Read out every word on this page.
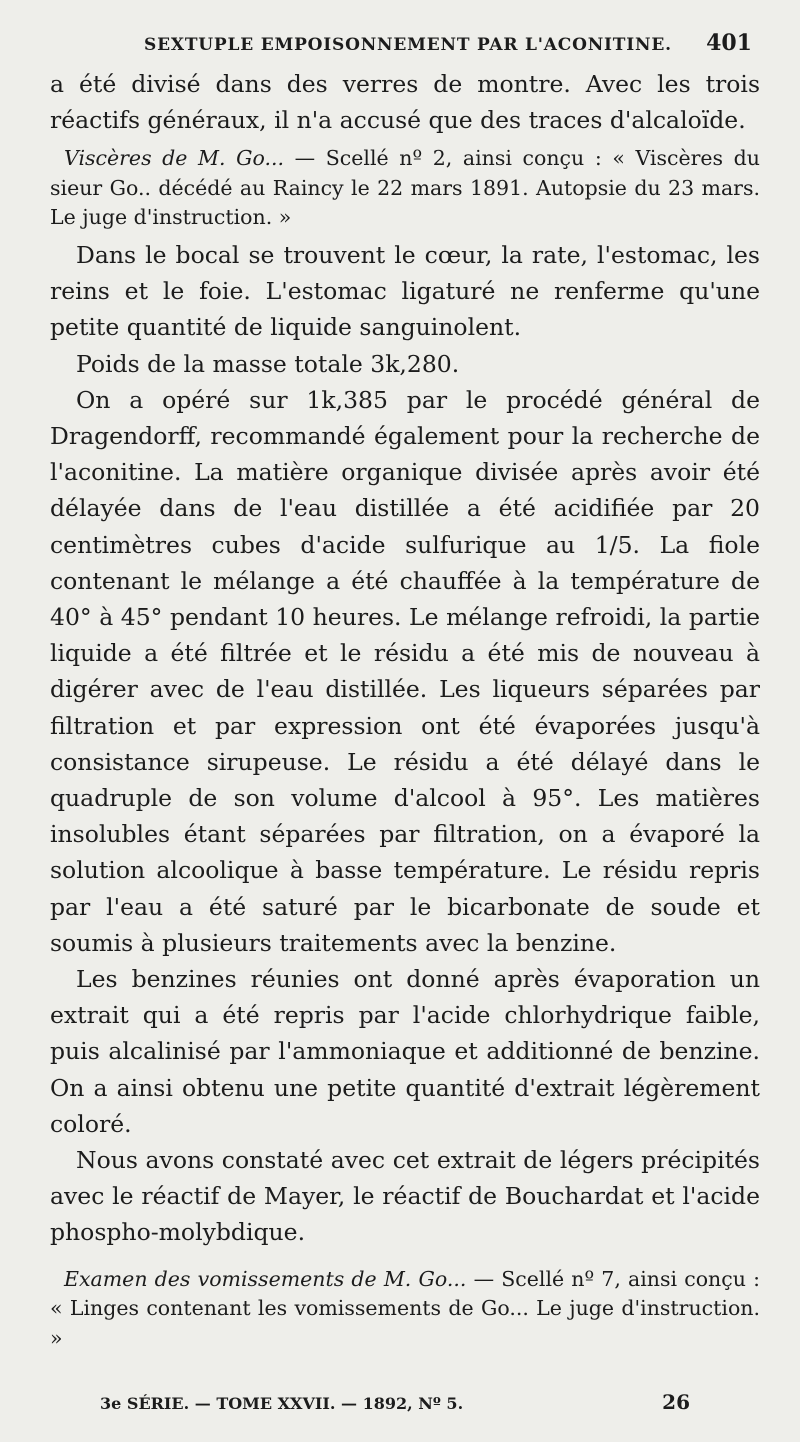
SEXTUPLE EMPOISONNEMENT PAR L'ACONITINE. 401

a été divisé dans des verres de montre. Avec les trois réactifs généraux, il n'a accusé que des traces d'alcaloïde.

Viscères de M. Go... — Scellé nº 2, ainsi conçu : « Viscères du sieur Go.. décédé au Raincy le 22 mars 1891. Autopsie du 23 mars. Le juge d'instruction. »

Dans le bocal se trouvent le cœur, la rate, l'estomac, les reins et le foie. L'estomac ligaturé ne renferme qu'une petite quantité de liquide sanguinolent.

Poids de la masse totale 3k,280.

On a opéré sur 1k,385 par le procédé général de Dragendorff, recommandé également pour la recherche de l'aconitine. La matière organique divisée après avoir été délayée dans de l'eau distillée a été acidifiée par 20 centimètres cubes d'acide sulfurique au 1/5. La fiole contenant le mélange a été chauffée à la température de 40° à 45° pendant 10 heures. Le mélange refroidi, la partie liquide a été filtrée et le résidu a été mis de nouveau à digérer avec de l'eau distillée. Les liqueurs séparées par filtration et par expression ont été évaporées jusqu'à consistance sirupeuse. Le résidu a été délayé dans le quadruple de son volume d'alcool à 95°. Les matières insolubles étant séparées par filtration, on a évaporé la solution alcoolique à basse température. Le résidu repris par l'eau a été saturé par le bicarbonate de soude et soumis à plusieurs traitements avec la benzine.

Les benzines réunies ont donné après évaporation un extrait qui a été repris par l'acide chlorhydrique faible, puis alcalinisé par l'ammoniaque et additionné de benzine. On a ainsi obtenu une petite quantité d'extrait légèrement coloré.

Nous avons constaté avec cet extrait de légers précipités avec le réactif de Mayer, le réactif de Bouchardat et l'acide phospho-molybdique.

Examen des vomissements de M. Go... — Scellé nº 7, ainsi conçu : « Linges contenant les vomissements de Go... Le juge d'instruction. »

3e SÉRIE. — TOME XXVII. — 1892, Nº 5.	26
